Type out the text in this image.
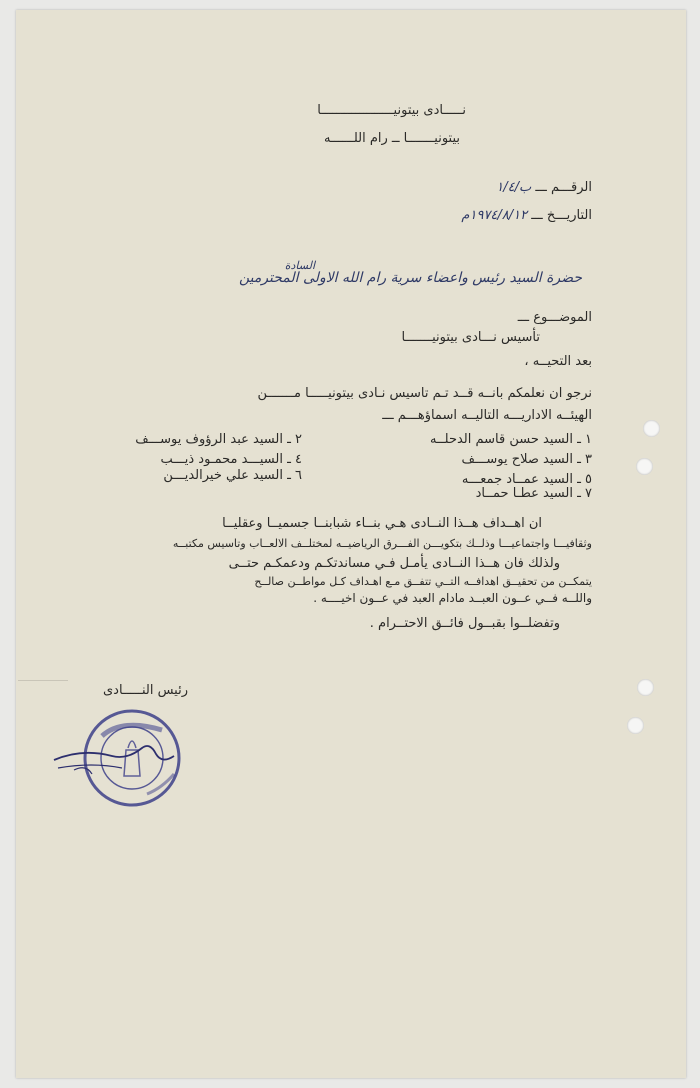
نـــــادى بيتونيـــــــــــــــــــا
بيتونيـــــــا ــ رام اللــــــه
الرقـــم ـــ ب/١/٤
التاريـــخ ـــ ١٩٧٤/٨/١٢م
السادة
حضرة السيد رئيس واعضاء سرية رام الله الاولى المحترمين
الموضـــوع ـــ
تأسيس نـــادى بيتونيـــــــا
بعد التحيــه ،
نرجو ان نعلمكم بانــه قــد تـم تاسيس نـادى بيتونيـــــا مـــــــن
الهيئــه الاداريـــه التاليــه اسماؤهـــم ـــ
١ ـ السيد حسن قاسم الدحلــه
٣ ـ السيد صلاح يوســـف
٥ ـ السيد عمــاد جمعـــه
٧ ـ السيد عطـا حمــاد
٢ ـ السيد عبد الرؤوف يوســـف
٤ ـ السيـــد محمـود ذيـــب
٦ ـ السيد علي خيرالديـــن
ان اهــداف هــذا النــادى هـي بنــاء شبابنــا جسميــا وعقليــا
وثقافيـــا واجتماعيـــا وذلــك بتكويـــن الفـــرق الرياضيــه لمختلــف الالعــاب وتاسيس مكتبــه
ولذلك فان هــذا النــادى يأمـل فـي مساندتكـم ودعمكـم حتــى
يتمكــن من تحقيــق اهدافــه التــي تتفــق مـع اهـداف كـل مواطــن صالــح
واللــه فــي عــون العبــد مادام العبد في عــون اخيــــه .
وتفضلــوا بقبــول فائــق الاحتــرام .
رئيس النـــــادى
